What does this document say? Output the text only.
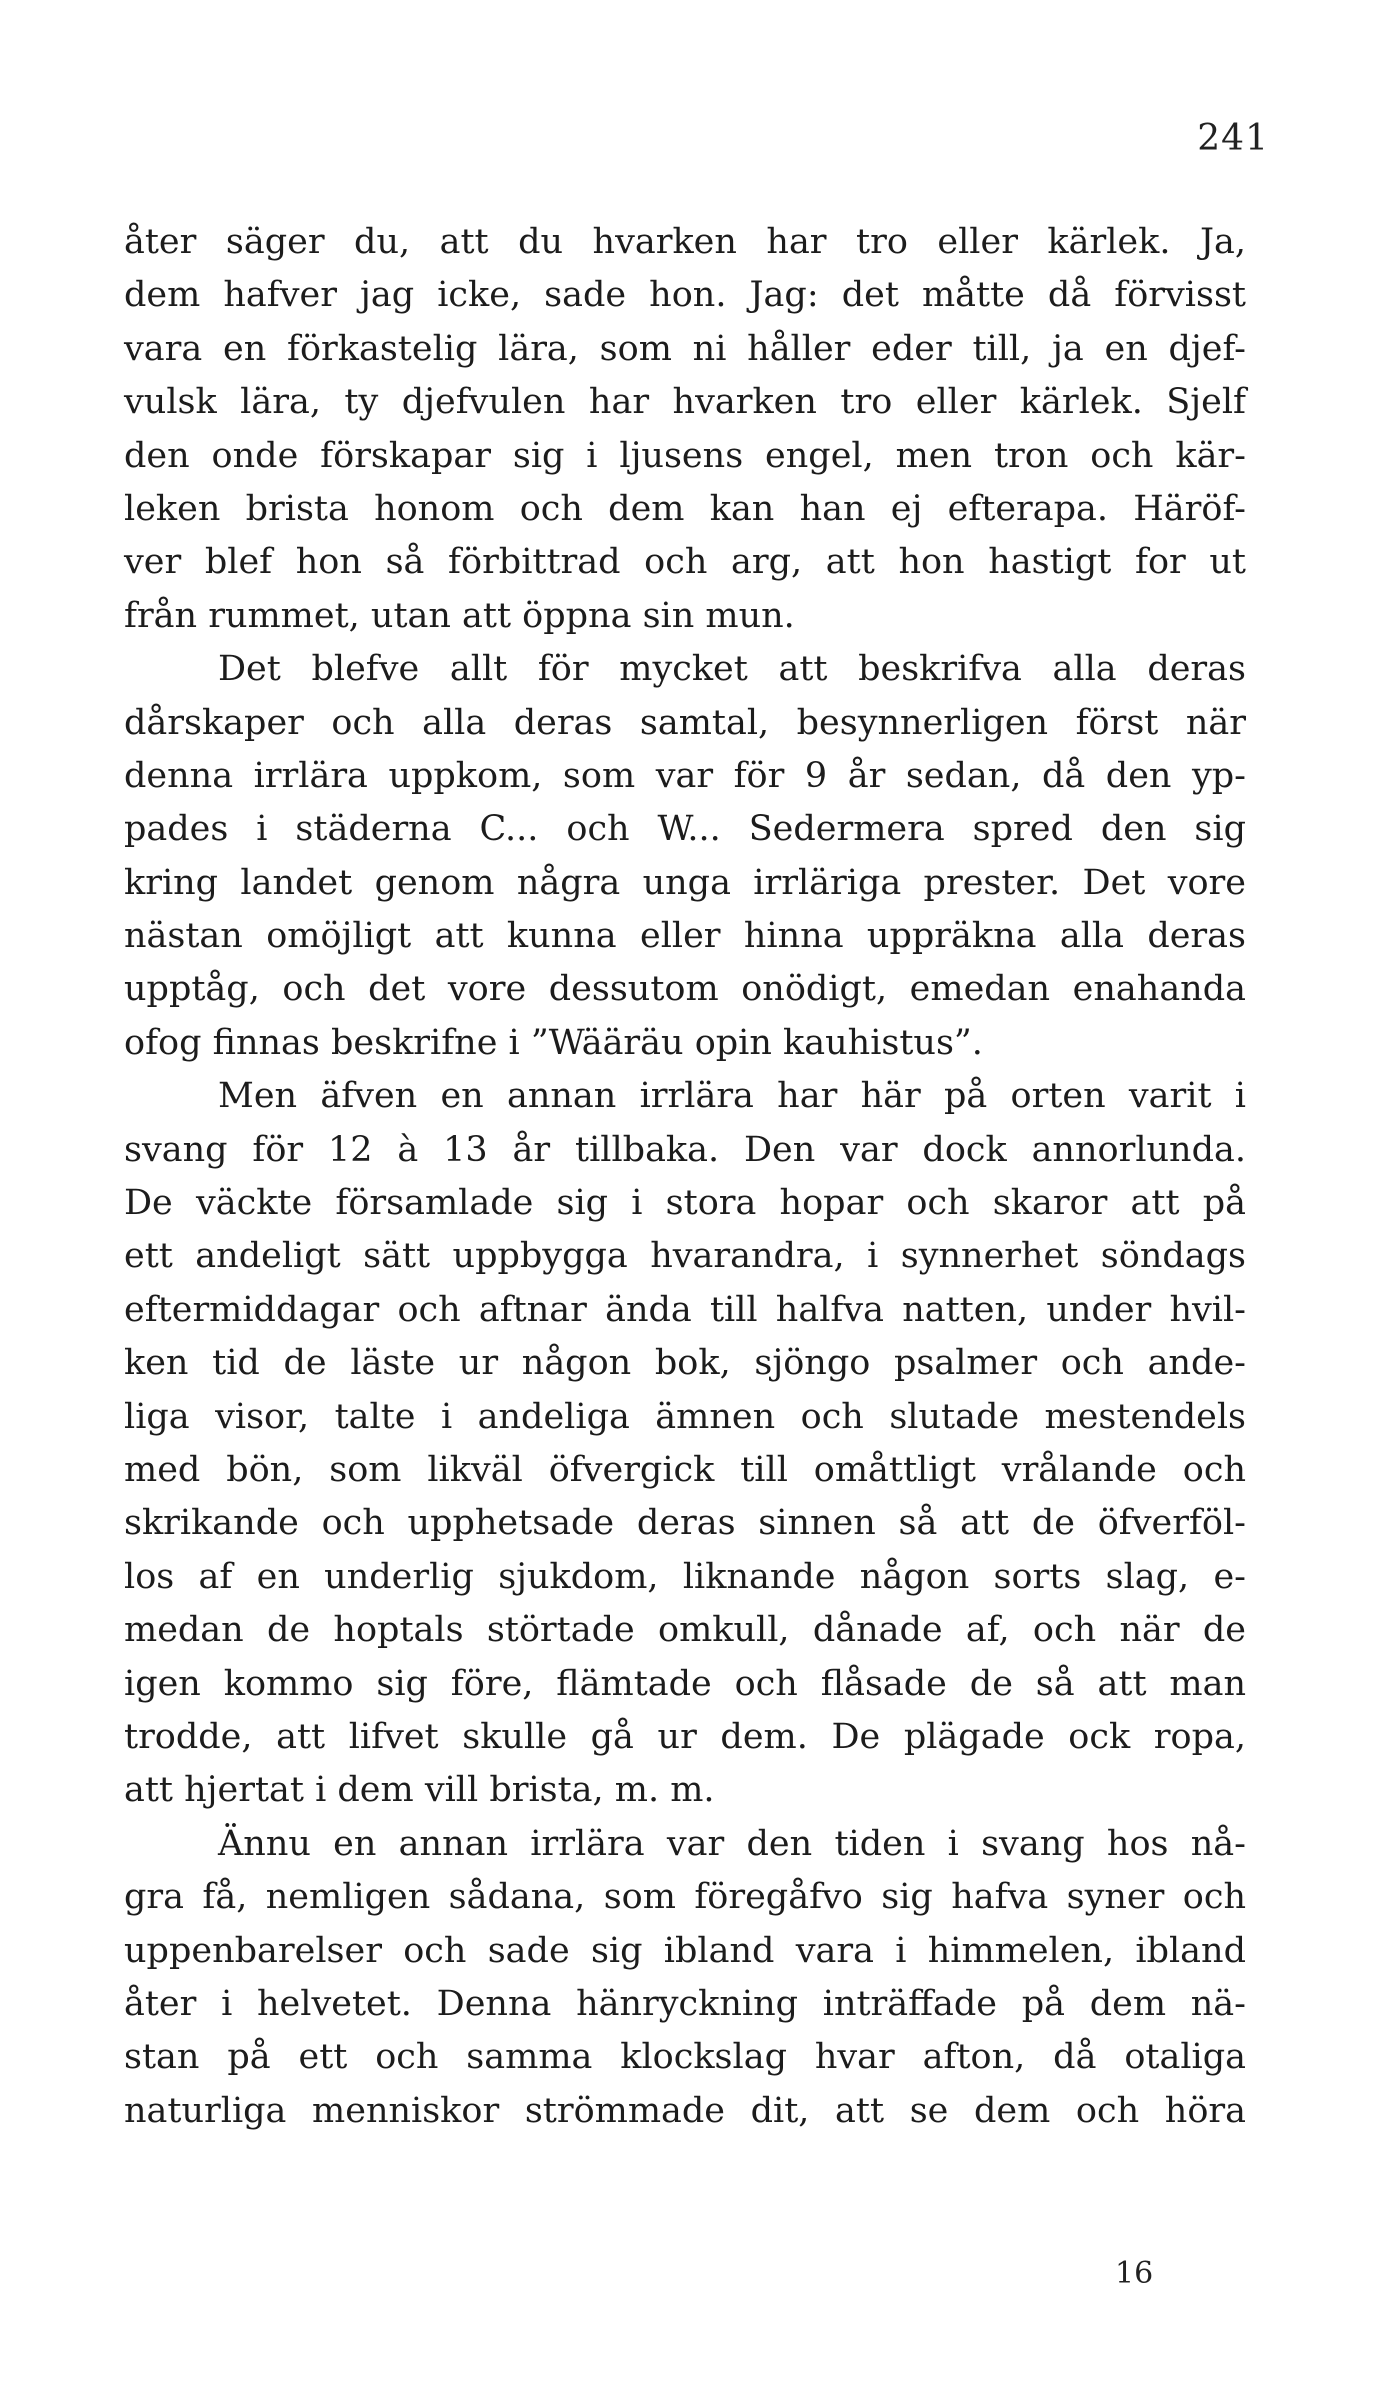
241
åter säger du, att du hvarken har tro eller kärlek. Ja,
dem hafver jag icke, sade hon. Jag: det måtte då förvisst
vara en förkastelig lära, som ni håller eder till, ja en djef-
vulsk lära, ty djefvulen har hvarken tro eller kärlek. Sjelf
den onde förskapar sig i ljusens engel, men tron och kär-
leken brista honom och dem kan han ej efterapa. Häröf-
ver blef hon så förbittrad och arg, att hon hastigt for ut
från rummet, utan att öppna sin mun.
Det blefve allt för mycket att beskrifva alla deras
dårskaper och alla deras samtal, besynnerligen först när
denna irrlära uppkom, som var för 9 år sedan, då den yp-
pades i städerna C... och W... Sedermera spred den sig
kring landet genom några unga irrläriga prester. Det vore
nästan omöjligt att kunna eller hinna uppräkna alla deras
upptåg, och det vore dessutom onödigt, emedan enahanda
ofog finnas beskrifne i ”Wääräu opin kauhistus”.
Men äfven en annan irrlära har här på orten varit i
svang för 12 à 13 år tillbaka. Den var dock annorlunda.
De väckte församlade sig i stora hopar och skaror att på
ett andeligt sätt uppbygga hvarandra, i synnerhet söndags
eftermiddagar och aftnar ända till halfva natten, under hvil-
ken tid de läste ur någon bok, sjöngo psalmer och ande-
liga visor, talte i andeliga ämnen och slutade mestendels
med bön, som likväl öfvergick till omåttligt vrålande och
skrikande och upphetsade deras sinnen så att de öfverföl-
los af en underlig sjukdom, liknande någon sorts slag, e-
medan de hoptals störtade omkull, dånade af, och när de
igen kommo sig före, flämtade och flåsade de så att man
trodde, att lifvet skulle gå ur dem. De plägade ock ropa,
att hjertat i dem vill brista, m. m.
Ännu en annan irrlära var den tiden i svang hos nå-
gra få, nemligen sådana, som föregåfvo sig hafva syner och
uppenbarelser och sade sig ibland vara i himmelen, ibland
åter i helvetet. Denna hänryckning inträffade på dem nä-
stan på ett och samma klockslag hvar afton, då otaliga
naturliga menniskor strömmade dit, att se dem och höra
16
